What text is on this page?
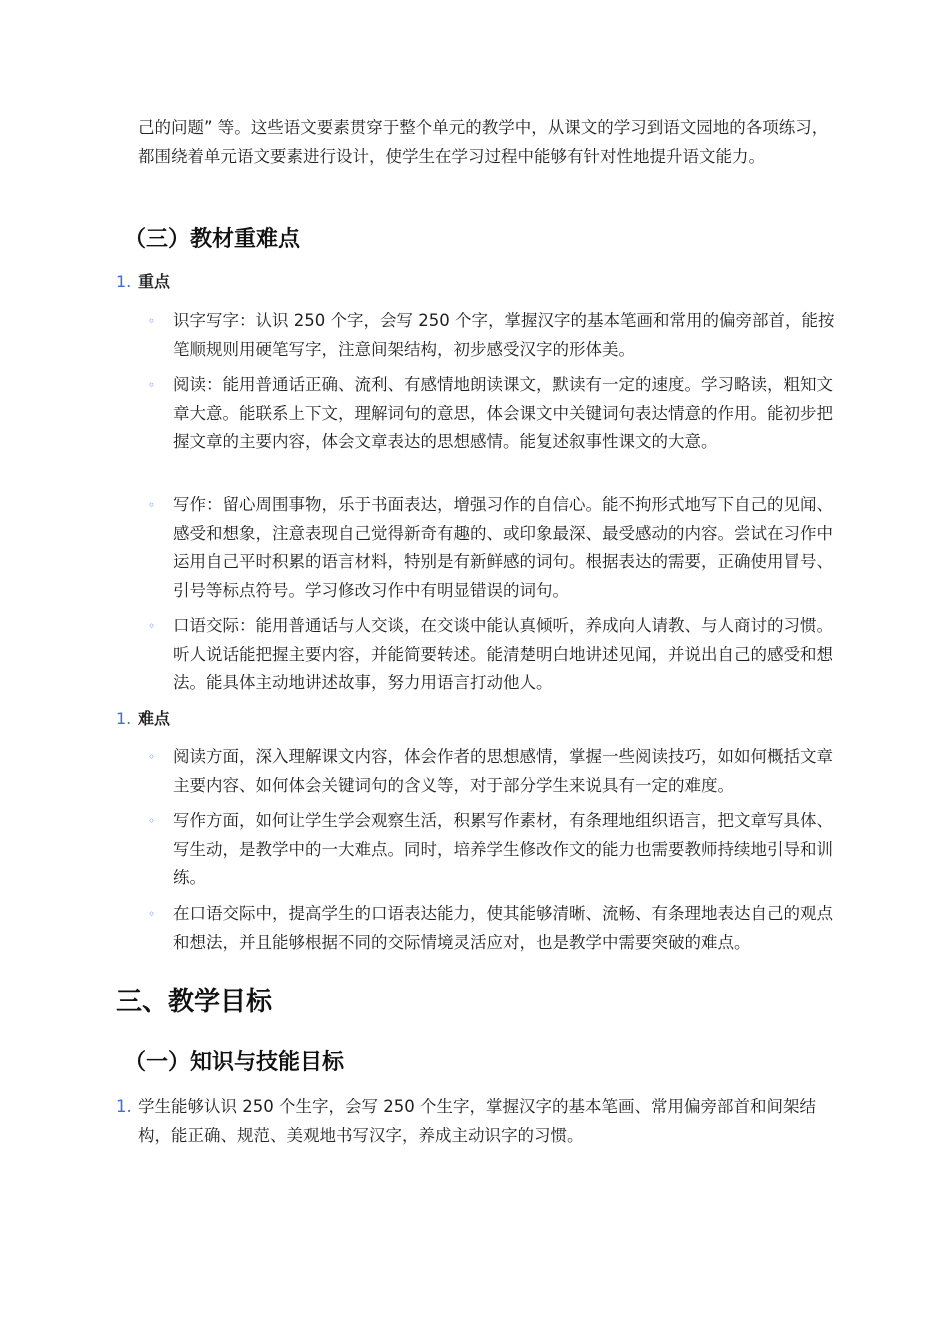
己的问题” 等。这些语文要素贯穿于整个单元的教学中，从课文的学习到语文园地的各项练习，都围绕着单元语文要素进行设计，使学生在学习过程中能够有针对性地提升语文能力。

（三）教材重难点
1. 重点
◦ 识字写字：认识 250 个字，会写 250 个字，掌握汉字的基本笔画和常用的偏旁部首，能按笔顺规则用硬笔写字，注意间架结构，初步感受汉字的形体美。
◦ 阅读：能用普通话正确、流利、有感情地朗读课文，默读有一定的速度。学习略读，粗知文章大意。能联系上下文，理解词句的意思，体会课文中关键词句表达情意的作用。能初步把握文章的主要内容，体会文章表达的思想感情。能复述叙事性课文的大意。
◦ 写作：留心周围事物，乐于书面表达，增强习作的自信心。能不拘形式地写下自己的见闻、感受和想象，注意表现自己觉得新奇有趣的、或印象最深、最受感动的内容。尝试在习作中运用自己平时积累的语言材料，特别是有新鲜感的词句。根据表达的需要，正确使用冒号、引号等标点符号。学习修改习作中有明显错误的词句。
◦ 口语交际：能用普通话与人交谈，在交谈中能认真倾听，养成向人请教、与人商讨的习惯。听人说话能把握主要内容，并能简要转述。能清楚明白地讲述见闻，并说出自己的感受和想法。能具体主动地讲述故事，努力用语言打动他人。
1. 难点
◦ 阅读方面，深入理解课文内容，体会作者的思想感情，掌握一些阅读技巧，如如何概括文章主要内容、如何体会关键词句的含义等，对于部分学生来说具有一定的难度。
◦ 写作方面，如何让学生学会观察生活，积累写作素材，有条理地组织语言，把文章写具体、写生动，是教学中的一大难点。同时，培养学生修改作文的能力也需要教师持续地引导和训练。
◦ 在口语交际中，提高学生的口语表达能力，使其能够清晰、流畅、有条理地表达自己的观点和想法，并且能够根据不同的交际情境灵活应对，也是教学中需要突破的难点。
三、教学目标
（一）知识与技能目标
1. 学生能够认识 250 个生字，会写 250 个生字，掌握汉字的基本笔画、常用偏旁部首和间架结构，能正确、规范、美观地书写汉字，养成主动识字的习惯。
